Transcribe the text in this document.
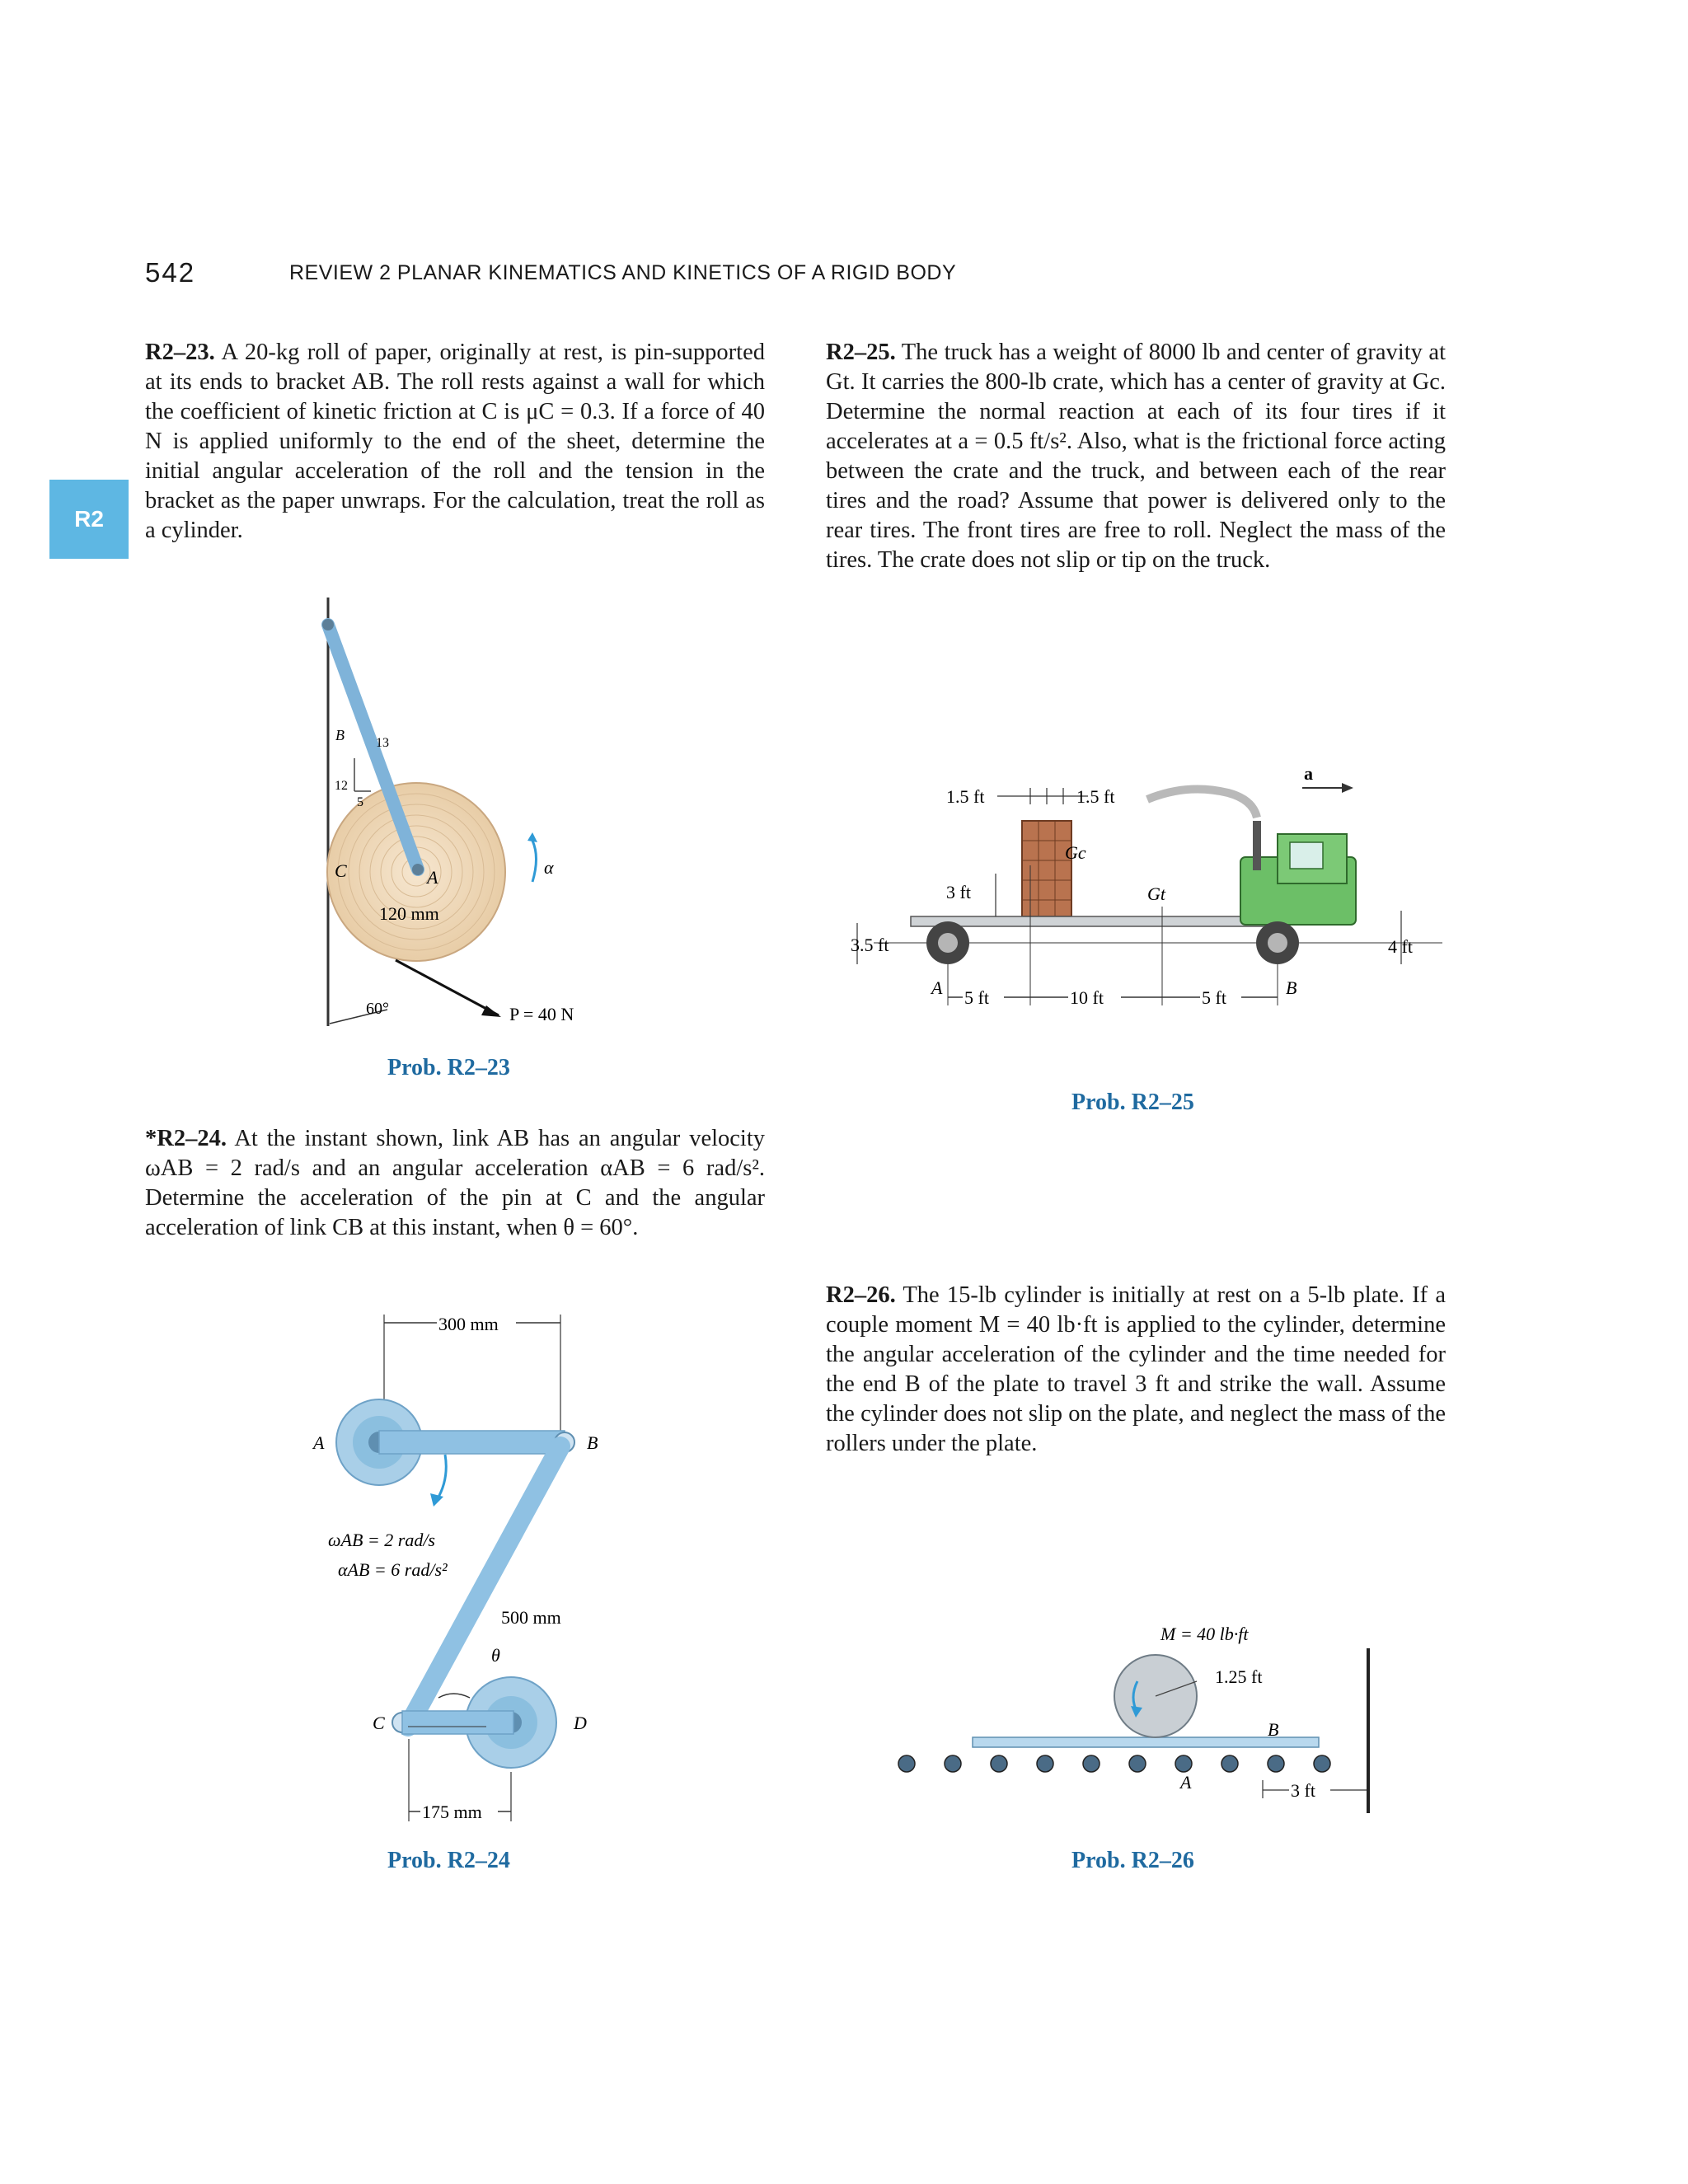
542	REVIEW 2 PLANAR KINEMATICS AND KINETICS OF A RIGID BODY
R2
R2–23. A 20-kg roll of paper, originally at rest, is pin-supported at its ends to bracket AB. The roll rests against a wall for which the coefficient of kinetic friction at C is μC = 0.3. If a force of 40 N is applied uniformly to the end of the sheet, determine the initial angular acceleration of the roll and the tension in the bracket as the paper unwraps. For the calculation, treat the roll as a cylinder.
*R2–24. At the instant shown, link AB has an angular velocity ωAB = 2 rad/s and an angular acceleration αAB = 6 rad/s². Determine the acceleration of the pin at C and the angular acceleration of link CB at this instant, when θ = 60°.
R2–25. The truck has a weight of 8000 lb and center of gravity at Gt. It carries the 800-lb crate, which has a center of gravity at Gc. Determine the normal reaction at each of its four tires if it accelerates at a = 0.5 ft/s². Also, what is the frictional force acting between the crate and the truck, and between each of the rear tires and the road? Assume that power is delivered only to the rear tires. The front tires are free to roll. Neglect the mass of the tires. The crate does not slip or tip on the truck.
R2–26. The 15-lb cylinder is initially at rest on a 5-lb plate. If a couple moment M = 40 lb·ft is applied to the cylinder, determine the angular acceleration of the cylinder and the time needed for the end B of the plate to travel 3 ft and strike the wall. Assume the cylinder does not slip on the plate, and neglect the mass of the rollers under the plate.
B
12
13
5
C	A
120 mm
α
60°	P = 40 N
Prob. R2–23
300 mm
A	B
C	D
ωAB = 2 rad/s
αAB = 6 rad/s²
500 mm
θ
175 mm
Prob. R2–24
5 ft	10 ft	5 ft
1.5 ft	1.5 ft
Gc
Gt
3 ft
3.5 ft	4 ft
A	B
a
Prob. R2–25
M = 40 lb·ft
1.25 ft
B
A	3 ft
Prob. R2–26
